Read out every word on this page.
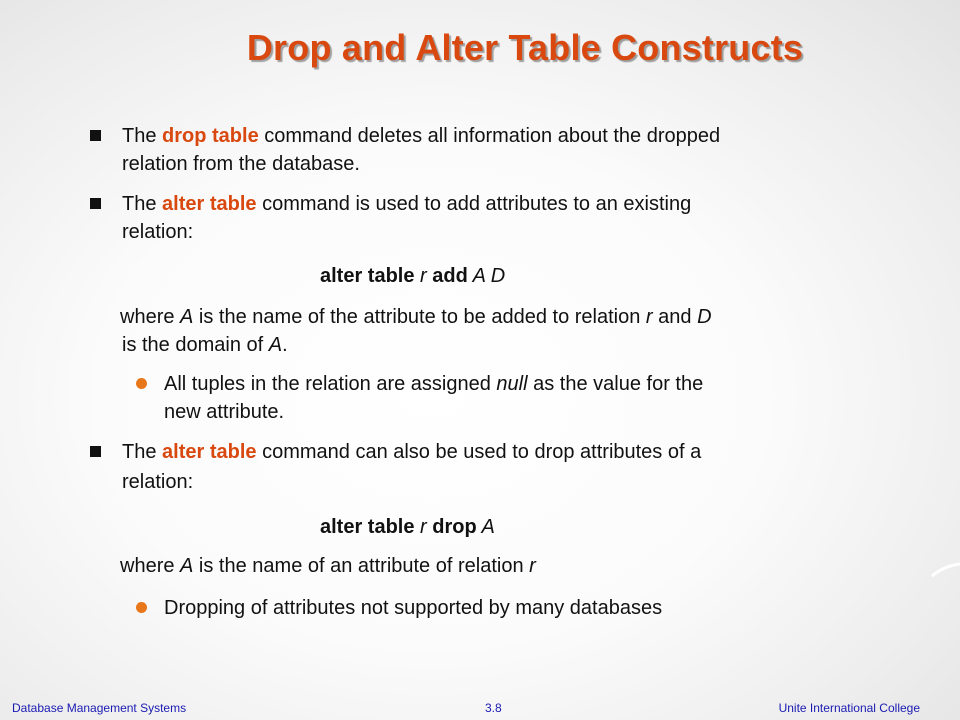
Drop and Alter Table Constructs
The drop table command deletes all information about the dropped
relation from the database.
The alter table command is used to add attributes to an existing
relation:
alter table r add A D
where A is the name of the attribute to be added to relation r and D
is the domain of A.
All tuples in the relation are assigned null as the value for the
new attribute.
The alter table command can also be used to drop attributes of a
relation:
alter table r drop A
where A is the name of an attribute of relation r
Dropping of attributes not supported by many databases
Database Management Systems	3.8	Unite International College
